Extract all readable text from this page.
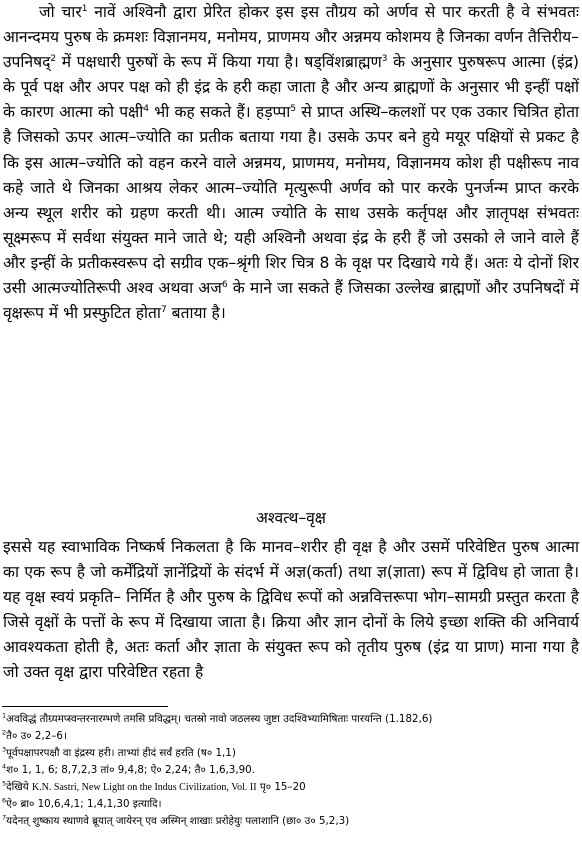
जो चार$^1$ नावें अश्विनौ द्वारा प्रेरित होकर इस इस तौग्रय को अर्णव से पार करती है वे संभवतः आनन्दमय पुरुष के क्रमशः विज्ञानमय, मनोमय, प्राणमय और अन्नमय कोशमय है जिनका वर्णन तैत्तिरीय–उपनिषद्$^2$ में पक्षधारी पुरुषों के रूप में किया गया है। षड्विंशब्राह्मण$^3$ के अनुसार पुरुषरूप आत्मा (इंद्र) के पूर्व पक्ष और अपर पक्ष को ही इंद्र के हरी कहा जाता है और अन्य ब्राह्मणों के अनुसार भी इन्हीं पक्षों के कारण आत्मा को पक्षी$^4$ भी कह सकते हैं। हड़प्पा$^5$ से प्राप्त अस्थि–कलशों पर एक उकार चित्रित होता है जिसको ऊपर आत्म–ज्योति का प्रतीक बताया गया है। उसके ऊपर बने हुये मयूर पक्षियों से प्रकट है कि इस आत्म–ज्योति को वहन करने वाले अन्नमय, प्राणमय, मनोमय, विज्ञानमय कोश ही पक्षीरूप नाव कहे जाते थे जिनका आश्रय लेकर आत्म–ज्योति मृत्युरूपी अर्णव को पार करके पुनर्जन्म प्राप्त करके अन्य स्थूल शरीर को ग्रहण करती थी। आत्म ज्योति के साथ उसके कर्तृपक्ष और ज्ञातृपक्ष संभवतः सूक्ष्मरूप में सर्वथा संयुक्त माने जाते थे; यही अश्विनौ अथवा इंद्र के हरी हैं जो उसको ले जाने वाले हैं और इन्हीं के प्रतीकस्वरूप दो सग्रीव एक–श्रृंगी शिर चित्र 8 के वृक्ष पर दिखाये गये हैं। अतः ये दोनों शिर उसी आत्मज्योतिरूपी अश्व अथवा अज$^6$ के माने जा सकते हैं जिसका उल्लेख ब्राह्मणों और उपनिषदों में वृक्षरूप में भी प्रस्फुटित होता$^7$ बताया है।

अश्वत्थ–वृक्ष

इससे यह स्वाभाविक निष्कर्ष निकलता है कि मानव–शरीर ही वृक्ष है और उसमें परिवेष्टित पुरुष आत्मा का एक रूप है जो कर्मेंद्रियों ज्ञानेंद्रियों के संदर्भ में अज्ञ(कर्ता) तथा ज्ञ(ज्ञाता) रूप में द्विविध हो जाता है। यह वृक्ष स्वयं प्रकृति– निर्मित है और पुरुष के द्विविध रूपों को अन्नवित्तरूपा भोग–सामग्री प्रस्तुत करता है जिसे वृक्षों के पत्तों के रूप में दिखाया जाता है। क्रिया और ज्ञान दोनों के लिये इच्छा शक्ति की अनिवार्य आवश्यकता होती है, अतः कर्ता और ज्ञाता के संयुक्त रूप को तृतीय पुरुष (इंद्र या प्राण) माना गया है जो उक्त वृक्ष द्वारा परिवेष्टित रहता है

$^1$अवविद्धं तौग्र्यमप्स्वन्तरनारम्भणे तमसि प्रविद्धम्। चतस्रो नावो जठलस्य जुष्टा उदश्विभ्यामिषिताः पारयन्ति (1.182,6)

$^2$तै० उ० 2,2–6।

$^3$पूर्वपक्षापरपक्षौ वा इंद्रस्य हरी। ताभ्यां हीदं सर्वं हरति (ष० 1,1)

$^4$श० 1, 1, 6; 8,7,2,3 तां० 9,4,8; ऐ० 2,24; तै० 1,6,3,90.

$^5$देखिये K.N. Sastri, New Light on the Indus Civilization, Vol. II पृ० 15–20

$^6$ऐ० ब्रा० 10,6,4,1; 1,4,1,30 इत्यादि।

$^7$यदेनत् शुष्काय स्थाणवे ब्रूयात् जायेरन् एव अस्मिन् शाखाः प्ररोहेयुः पलाशानि (छा० उ० 5,2,3)
